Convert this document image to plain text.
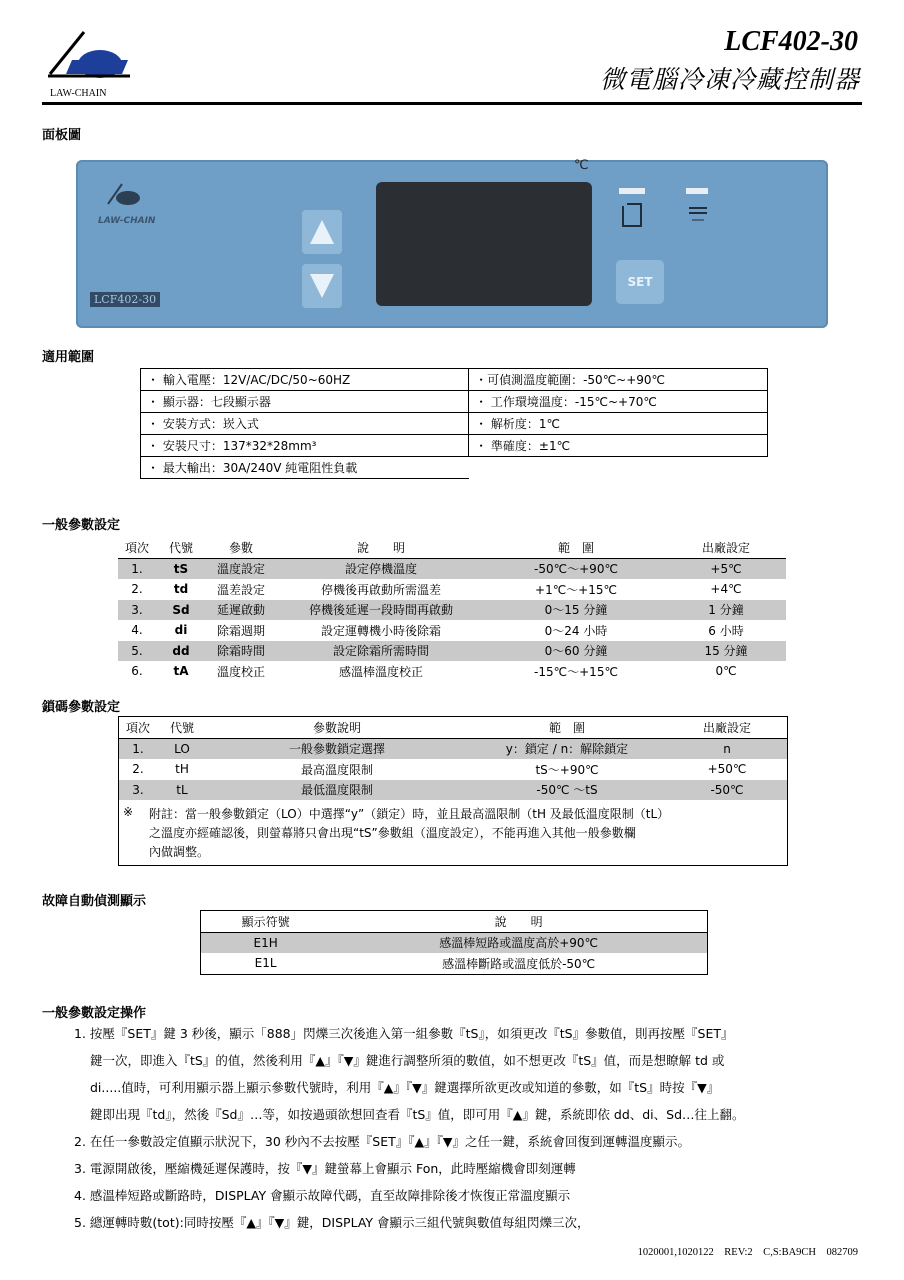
LAW-CHAIN
LCF402-30
微電腦冷凍冷藏控制器
面板圖
LAW-CHAIN
LCF402-30
℃
SET
適用範圍
・ 輸入電壓：12V/AC/DC/50~60HZ	・可偵測溫度範圍：-50℃~+90℃
・ 顯示器：七段顯示器	・ 工作環境溫度：-15℃~+70℃
・ 安裝方式：崁入式	・ 解析度：1℃
・ 安裝尺寸：137*32*28mm³	・ 準確度：±1℃
・ 最大輸出：30A/240V 純電阻性負載	
一般參數設定
項次	代號	參數	說　　明	範　圍	出廠設定
1.	tS	溫度設定	設定停機溫度	-50℃～+90℃	+5℃
2.	td	溫差設定	停機後再啟動所需溫差	+1℃～+15℃	+4℃
3.	Sd	延遲啟動	停機後延遲一段時間再啟動	0～15 分鐘	1 分鐘
4.	di	除霜週期	設定運轉機小時後除霜	0～24 小時	6 小時
5.	dd	除霜時間	設定除霜所需時間	0～60 分鐘	15 分鐘
6.	tA	溫度校正	感溫棒溫度校正	-15℃～+15℃	0℃
鎖碼參數設定
項次	代號	參數說明	範　圍	出廠設定
1.	LO	一般參數鎖定選擇	y：鎖定 / n：解除鎖定	n
2.	tH	最高溫度限制	tS～+90℃	+50℃
3.	tL	最低溫度限制	-50℃ ～tS	-50℃
※ 附註：當一般參數鎖定（LO）中選擇“y”（鎖定）時，並且最高溫限制（tH 及最低溫度限制（tL）
之溫度亦經確認後，則螢幕將只會出現“tS”參數組（溫度設定），不能再進入其他一般參數欄
內做調整。
故障自動偵測顯示
顯示符號	說　　明
E1H	感溫棒短路或溫度高於+90℃
E1L	感溫棒斷路或溫度低於-50℃
一般參數設定操作
1. 按壓『SET』鍵 3 秒後，顯示「888」閃爍三次後進入第一組參數『tS』，如須更改『tS』參數值，則再按壓『SET』
鍵一次，即進入『tS』的值，然後利用『▲』『▼』鍵進行調整所須的數值，如不想更改『tS』值，而是想瞭解 td 或
di.....值時，可利用顯示器上顯示參數代號時，利用『▲』『▼』鍵選擇所欲更改或知道的參數，如『tS』時按『▼』
鍵即出現『td』，然後『Sd』…等，如按過頭欲想回查看『tS』值，即可用『▲』鍵，系統即依 dd、di、Sd…往上翻。
2. 在任一參數設定值顯示狀況下，30 秒內不去按壓『SET』『▲』『▼』之任一鍵，系統會回復到運轉溫度顯示。
3. 電源開啟後，壓縮機延遲保護時，按『▼』鍵螢幕上會顯示 Fon，此時壓縮機會即刻運轉
4. 感溫棒短路或斷路時，DISPLAY 會顯示故障代碼，直至故障排除後才恢復正常溫度顯示
5. 總運轉時數(tot):同時按壓『▲』『▼』鍵，DISPLAY 會顯示三組代號與數值每組閃爍三次，
1020001,1020122　REV:2　C,S:BA9CH　082709
